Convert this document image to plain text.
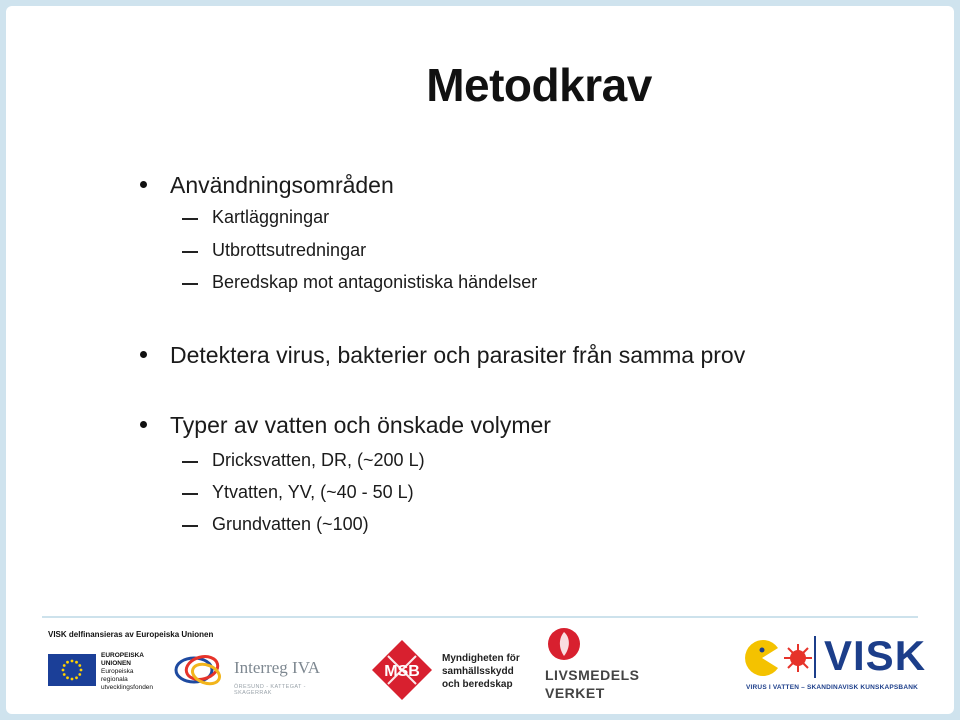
Metodkrav
Användningsområden
Kartläggningar
Utbrottsutredningar
Beredskap mot antagonistiska händelser
Detektera virus, bakterier och parasiter från samma prov
Typer av vatten och önskade volymer
Dricksvatten, DR, (~200 L)
Ytvatten, YV, (~40 - 50 L)
Grundvatten (~100)
VISK delfinansieras av Europeiska Unionen
EUROPEISKA
UNIONEN
Europeiska
regionala
utvecklingsfonden
Interreg IVA
ÖRESUND - KATTEGAT - SKAGERRAK
MSB
Myndigheten för
samhällsskydd
och beredskap
LIVSMEDELS
VERKET
VISK
VIRUS I VATTEN – SKANDINAVISK KUNSKAPSBANK
